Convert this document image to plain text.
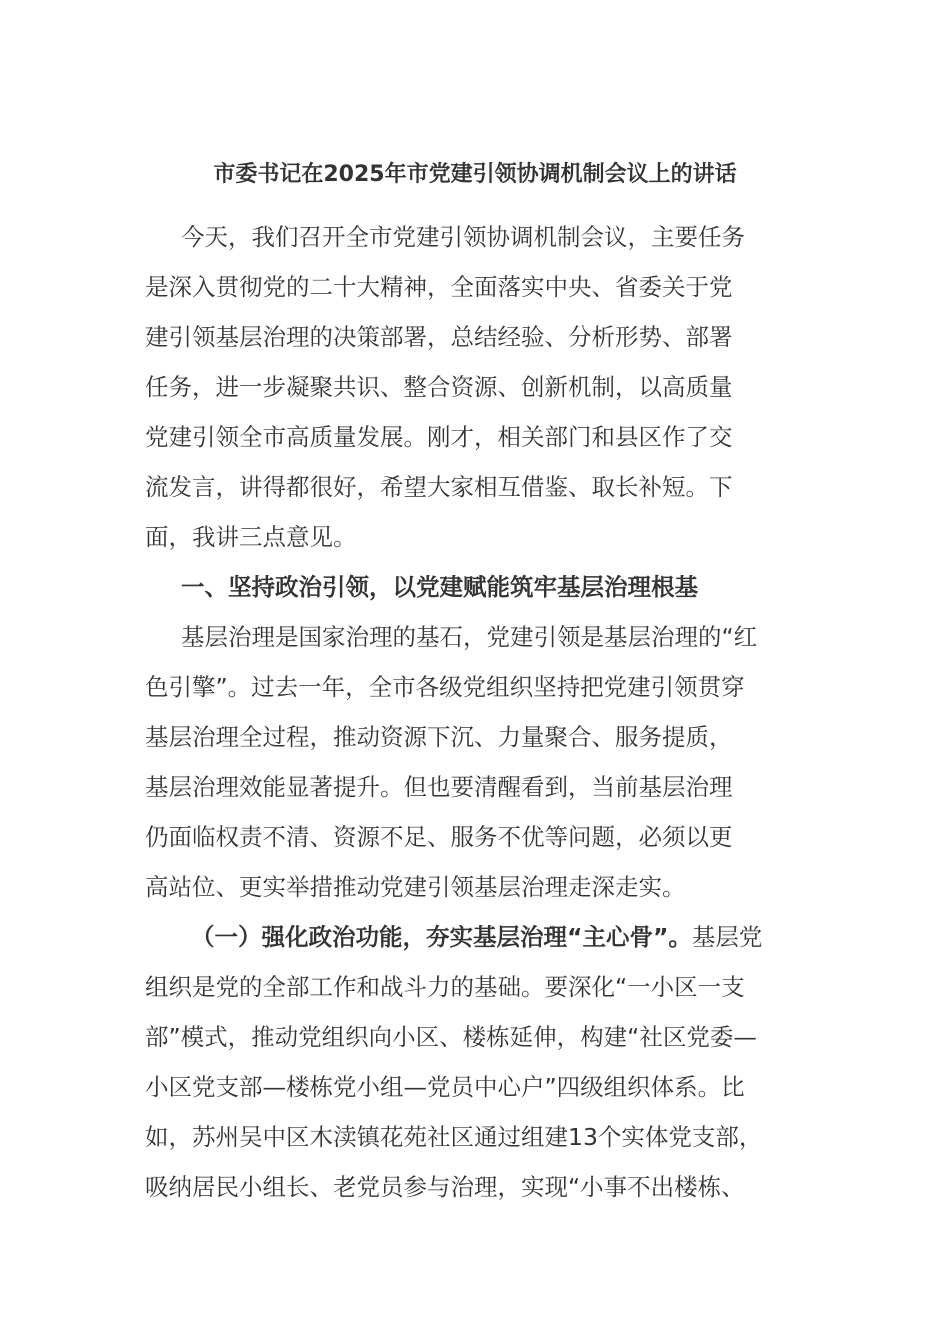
市委书记在2025年市党建引领协调机制会议上的讲话
今天，我们召开全市党建引领协调机制会议，主要任务
是深入贯彻党的二十大精神，全面落实中央、省委关于党
建引领基层治理的决策部署，总结经验、分析形势、部署
任务，进一步凝聚共识、整合资源、创新机制，以高质量
党建引领全市高质量发展。刚才，相关部门和县区作了交
流发言，讲得都很好，希望大家相互借鉴、取长补短。下
面，我讲三点意见。
一、坚持政治引领，以党建赋能筑牢基层治理根基
基层治理是国家治理的基石，党建引领是基层治理的“红
色引擎”。过去一年，全市各级党组织坚持把党建引领贯穿
基层治理全过程，推动资源下沉、力量聚合、服务提质，
基层治理效能显著提升。但也要清醒看到，当前基层治理
仍面临权责不清、资源不足、服务不优等问题，必须以更
高站位、更实举措推动党建引领基层治理走深走实。
（一）强化政治功能，夯实基层治理“主心骨”。基层党
组织是党的全部工作和战斗力的基础。要深化“一小区一支
部”模式，推动党组织向小区、楼栋延伸，构建“社区党委—
小区党支部—楼栋党小组—党员中心户”四级组织体系。比
如，苏州吴中区木渎镇花苑社区通过组建13个实体党支部，
吸纳居民小组长、老党员参与治理，实现“小事不出楼栋、
